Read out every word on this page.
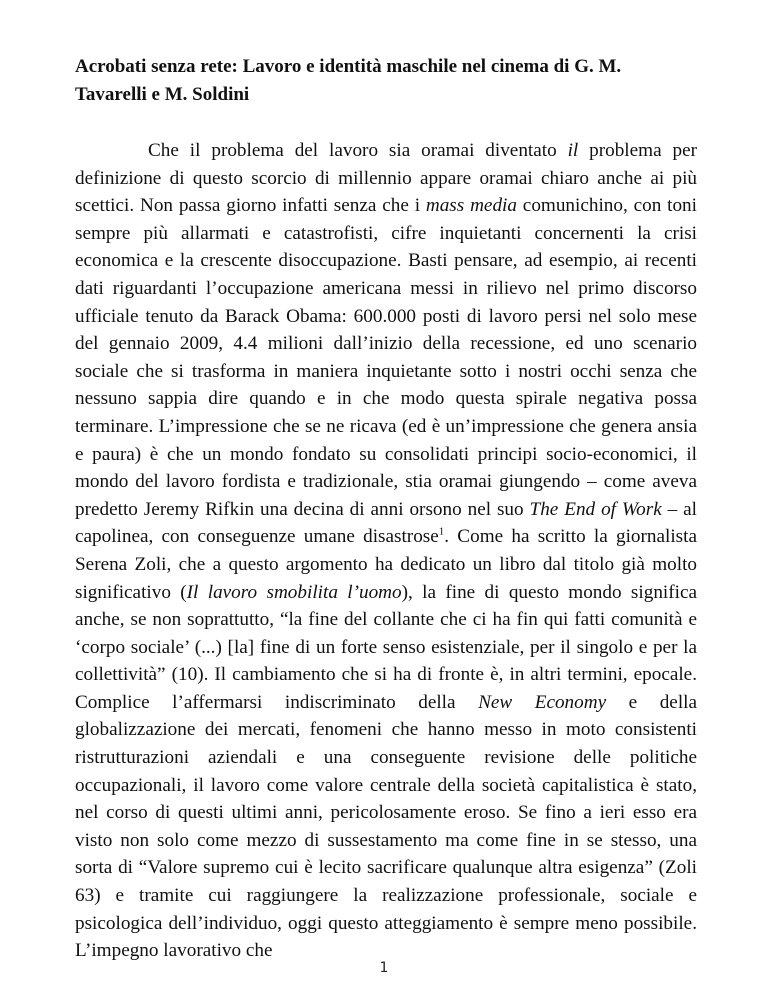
Acrobati senza rete: Lavoro e identità maschile nel cinema di G. M. Tavarelli e M. Soldini

Che il problema del lavoro sia oramai diventato il problema per definizione di questo scorcio di millennio appare oramai chiaro anche ai più scettici. Non passa giorno infatti senza che i mass media comunichino, con toni sempre più allarmati e catastrofisti, cifre inquietanti concernenti la crisi economica e la crescente disoccupazione. Basti pensare, ad esempio, ai recenti dati riguardanti l’occupazione americana messi in rilievo nel primo discorso ufficiale tenuto da Barack Obama: 600.000 posti di lavoro persi nel solo mese del gennaio 2009, 4.4 milioni dall’inizio della recessione, ed uno scenario sociale che si trasforma in maniera inquietante sotto i nostri occhi senza che nessuno sappia dire quando e in che modo questa spirale negativa possa terminare. L’impressione che se ne ricava (ed è un’impressione che genera ansia e paura) è che un mondo fondato su consolidati principi socio-economici, il mondo del lavoro fordista e tradizionale, stia oramai giungendo – come aveva predetto Jeremy Rifkin una decina di anni orsono nel suo The End of Work – al capolinea, con conseguenze umane disastrose$^1$. Come ha scritto la giornalista Serena Zoli, che a questo argomento ha dedicato un libro dal titolo già molto significativo (Il lavoro smobilita l’uomo), la fine di questo mondo significa anche, se non soprattutto, “la fine del collante che ci ha fin qui fatti comunità e ‘corpo sociale’ (...) [la] fine di un forte senso esistenziale, per il singolo e per la collettività” (10). Il cambiamento che si ha di fronte è, in altri termini, epocale. Complice l’affermarsi indiscriminato della New Economy e della globalizzazione dei mercati, fenomeni che hanno messo in moto consistenti ristrutturazioni aziendali e una conseguente revisione delle politiche occupazionali, il lavoro come valore centrale della società capitalistica è stato, nel corso di questi ultimi anni, pericolosamente eroso. Se fino a ieri esso era visto non solo come mezzo di sussestamento ma come fine in se stesso, una sorta di “Valore supremo cui è lecito sacrificare qualunque altra esigenza” (Zoli 63) e tramite cui raggiungere la realizzazione professionale, sociale e psicologica dell’individuo, oggi questo atteggiamento è sempre meno possibile. L’impegno lavorativo che

1
